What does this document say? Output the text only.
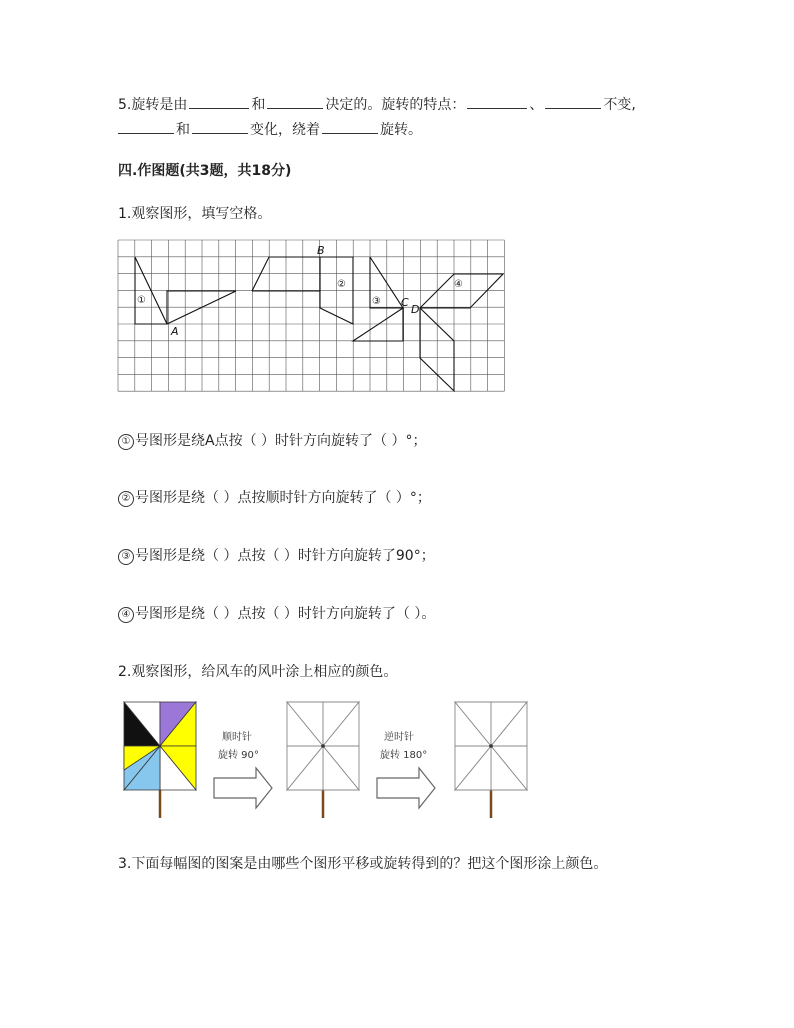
5.旋转是由	和	决定的。旋转的特点：	、	不变,
和	变化，绕着	旋转。
四.作图题(共3题，共18分)
1.观察图形，填写空格。
A
B
C
D
①
②
③
④
顺时针
旋转 90°
逆时针
旋转 180°
① 号图形是绕A点按（ ）时针方向旋转了（ ）°；
② 号图形是绕（ ）点按顺时针方向旋转了（ ）°；
③ 号图形是绕（ ）点按（ ）时针方向旋转了90°；
④ 号图形是绕（ ）点按（ ）时针方向旋转了（ ）。
2.观察图形，给风车的风叶涂上相应的颜色。
3.下面每幅图的图案是由哪些个图形平移或旋转得到的？把这个图形涂上颜色。
